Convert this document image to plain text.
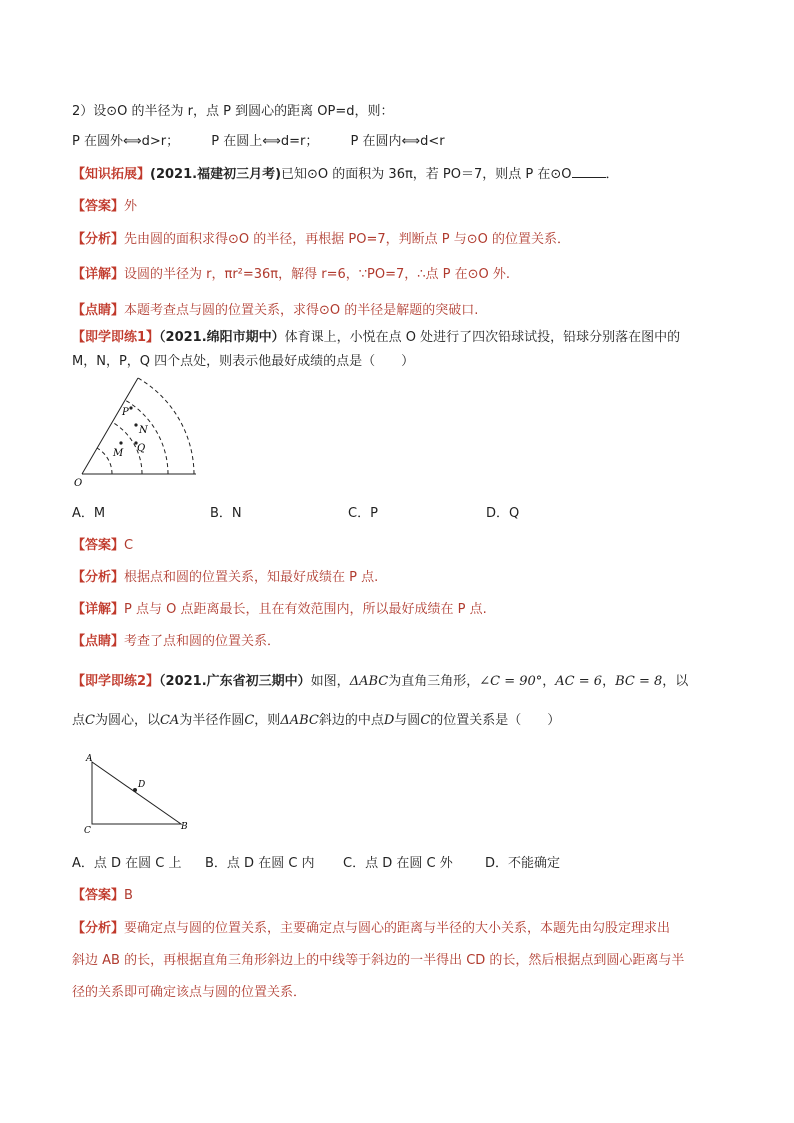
2）设⊙O 的半径为 r，点 P 到圆心的距离 OP=d，则：
P 在圆外⟺d>r； P 在圆上⟺d=r； P 在圆内⟺d<r
【知识拓展】(2021.福建初三月考)已知⊙O 的面积为 36π，若 PO＝7，则点 P 在⊙O	．
【答案】外
【分析】先由圆的面积求得⊙O 的半径，再根据 PO=7，判断点 P 与⊙O 的位置关系．
【详解】设圆的半径为 r，πr²=36π，解得 r=6，∵PO=7，∴点 P 在⊙O 外.
【点睛】本题考查点与圆的位置关系，求得⊙O 的半径是解题的突破口.
【即学即练1】（2021.绵阳市期中）体育课上，小悦在点 O 处进行了四次铅球试投，铅球分别落在图中的
M，N，P，Q 四个点处，则表示他最好成绩的点是（　　）
P
N
Q
M
O
A．M	B．N	C．P	D．Q
【答案】C
【分析】根据点和圆的位置关系，知最好成绩在 P 点.
【详解】P 点与 O 点距离最长，且在有效范围内，所以最好成绩在 P 点.
【点睛】考查了点和圆的位置关系．
【即学即练2】（2021.广东省初三期中）如图，ΔABC为直角三角形，∠C = 90°，AC = 6，BC = 8，以
点C为圆心，以CA为半径作圆C，则ΔABC斜边的中点D与圆C的位置关系是（　　）
A
D
C	B
A．点 D 在圆 C 上 B．点 D 在圆 C 内 C．点 D 在圆 C 外 D．不能确定
【答案】B
【分析】要确定点与圆的位置关系，主要确定点与圆心的距离与半径的大小关系，本题先由勾股定理求出
斜边 AB 的长，再根据直角三角形斜边上的中线等于斜边的一半得出 CD 的长，然后根据点到圆心距离与半
径的关系即可确定该点与圆的位置关系．
